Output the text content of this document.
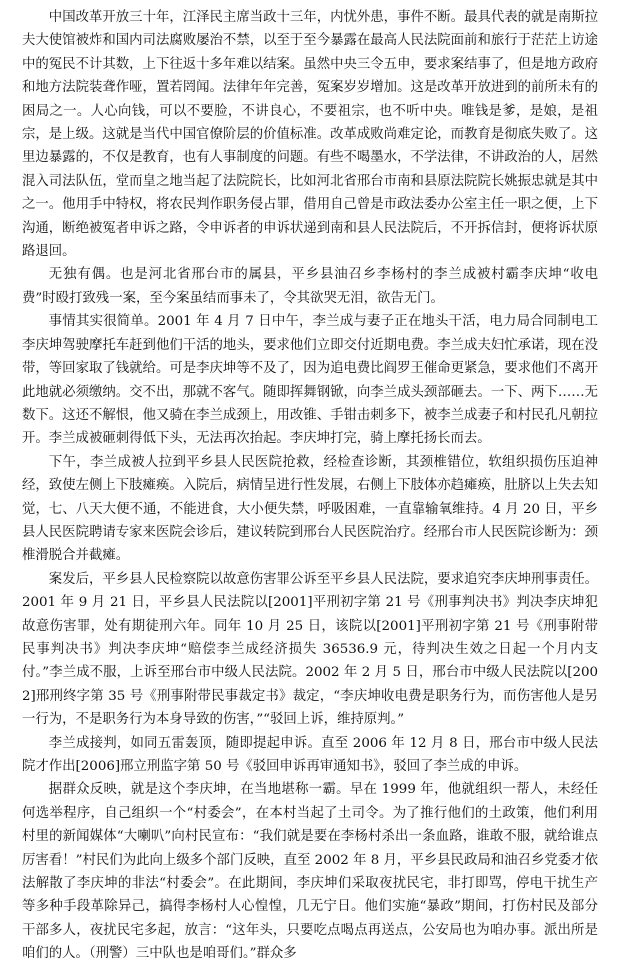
中国改革开放三十年，江泽民主席当政十三年，内忧外患，事件不断。最具代表的就是南斯拉夫大使馆被炸和国内司法腐败屡治不禁，以至于至今暴露在最高人民法院面前和旅行于茫茫上访途中的冤民不计其数，上下往返十多年难以结案。虽然中央三令五申，要求案结事了，但是地方政府和地方法院装聋作哑，置若罔闻。法律年年完善，冤案岁岁增加。这是改革开放进到的前所未有的困局之一。人心向钱，可以不要脸，不讲良心，不要祖宗，也不听中央。唯钱是爹，是娘，是祖宗，是上级。这就是当代中国官僚阶层的价值标准。改革成败尚难定论，而教育是彻底失败了。这里边暴露的，不仅是教育，也有人事制度的问题。有些不喝墨水，不学法律，不讲政治的人，居然混入司法队伍，堂而皇之地当起了法院院长，比如河北省邢台市南和县原法院院长姚振忠就是其中之一。他用手中特权，将农民判作职务侵占罪，借用自己曾是市政法委办公室主任一职之便，上下沟通，断绝被冤者申诉之路，令申诉者的申诉状递到南和县人民法院后，不开拆信封，便将诉状原路退回。

无独有偶。也是河北省邢台市的属县，平乡县油召乡李杨村的李兰成被村霸李庆坤“收电费”时殴打致残一案，至今案虽结而事未了，令其欲哭无泪，欲告无门。

事情其实很简单。2001 年 4 月 7 日中午，李兰成与妻子正在地头干活，电力局合同制电工李庆坤驾驶摩托车赶到他们干活的地头，要求他们立即交付近期电费。李兰成夫妇忙承诺，现在没带，等回家取了钱就给。可是李庆坤等不及了，因为追电费比阎罗王催命更紧急，要求他们不离开此地就必须缴纳。交不出，那就不客气。随即挥舞钢锨，向李兰成头颈部砸去。一下、两下……无数下。这还不解恨，他又骑在李兰成颈上，用改锥、手钳击刺多下，被李兰成妻子和村民孔凡朝拉开。李兰成被砸刺得低下头，无法再次抬起。李庆坤打完，骑上摩托扬长而去。

下午，李兰成被人拉到平乡县人民医院抢救，经检查诊断，其颈椎错位，软组织损伤压迫神经，致使左侧上下肢瘫痪。入院后，病情呈进行性发展，右侧上下肢体亦趋瘫痪，肚脐以上失去知觉，七、八天大便不通，不能进食，大小便失禁，呼吸困难，一直靠输氧维持。4 月 20 日，平乡县人民医院聘请专家来医院会诊后，建议转院到邢台人民医院治疗。经邢台市人民医院诊断为：颈椎滑脱合并截瘫。

案发后，平乡县人民检察院以故意伤害罪公诉至平乡县人民法院，要求追究李庆坤刑事责任。2001 年 9 月 21 日，平乡县人民法院以[2001]平刑初字第 21 号《刑事判决书》判决李庆坤犯故意伤害罪，处有期徒刑六年。同年 10 月 25 日，该院以[2001]平刑初字第 21 号《刑事附带民事判决书》判决李庆坤“赔偿李兰成经济损失 36536.9 元，待判决生效之日起一个月内支付。”李兰成不服，上诉至邢台市中级人民法院。2002 年 2 月 5 日，邢台市中级人民法院以[2002]邢刑终字第 35 号《刑事附带民事裁定书》裁定，“李庆坤收电费是职务行为，而伤害他人是另一行为，不是职务行为本身导致的伤害，”“驳回上诉，维持原判。”

李兰成接判，如同五雷轰顶，随即提起申诉。直至 2006 年 12 月 8 日，邢台市中级人民法院才作出[2006]邢立刑监字第 50 号《驳回申诉再审通知书》，驳回了李兰成的申诉。

据群众反映，就是这个李庆坤，在当地堪称一霸。早在 1999 年，他就组织一帮人，未经任何选举程序，自己组织一个“村委会”，在本村当起了土司令。为了推行他们的土政策，他们利用村里的新闻媒体“大喇叭”向村民宣布：“我们就是要在李杨村杀出一条血路，谁敢不服，就给谁点厉害看！”村民们为此向上级多个部门反映，直至 2002 年 8 月，平乡县民政局和油召乡党委才依法解散了李庆坤的非法“村委会”。在此期间，李庆坤们采取夜扰民宅，非打即骂，停电干扰生产等多种手段革除异己，搞得李杨村人心惶惶，几无宁日。他们实施“暴政”期间，打伤村民及部分干部多人，夜扰民宅多起，放言：“这年头，只要吃点喝点再送点，公安局也为咱办事。派出所是咱们的人。（刑警）三中队也是咱哥们。”群众多
